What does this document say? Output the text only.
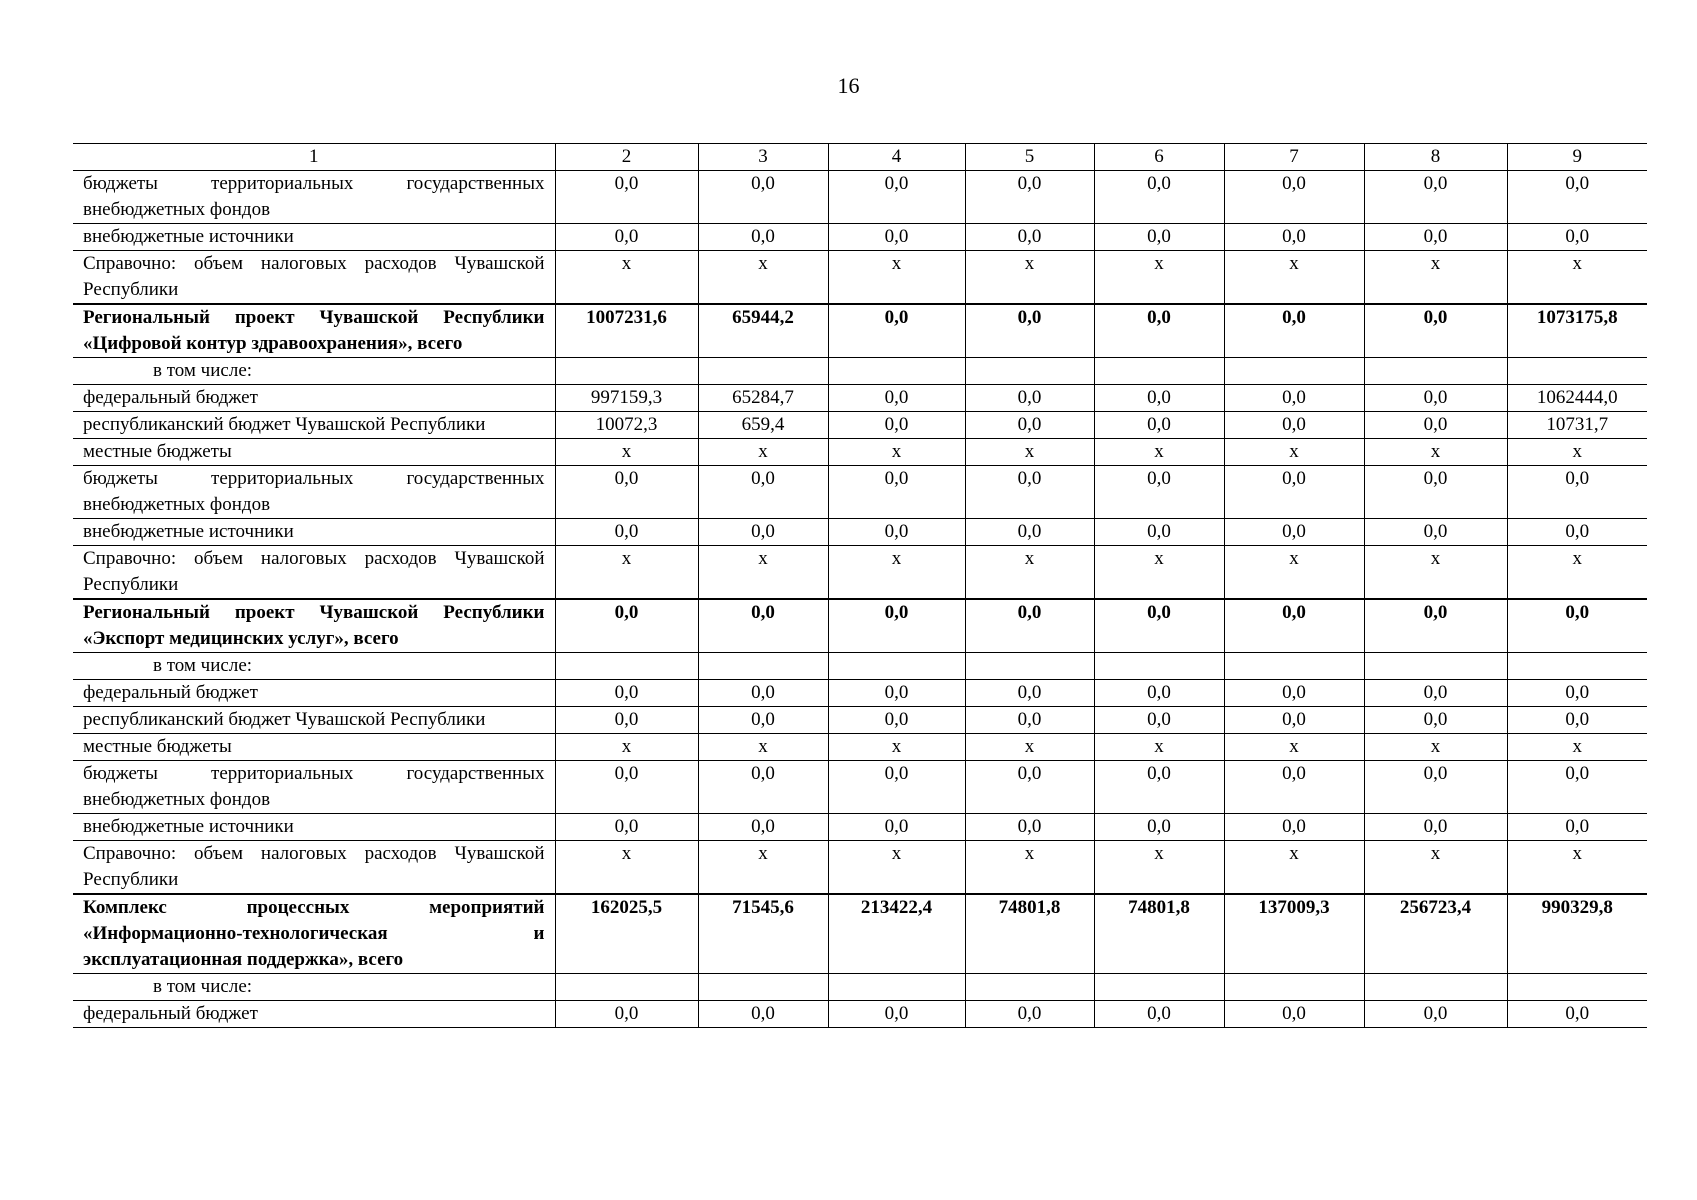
16
1	2	3	4	5	6	7	8	9
бюджеты территориальных государственных внебюджетных фондов	0,0	0,0	0,0	0,0	0,0	0,0	0,0	0,0
внебюджетные источники	0,0	0,0	0,0	0,0	0,0	0,0	0,0	0,0
Справочно: объем налоговых расходов Чувашской Республики	x	x	x	x	x	x	x	x
Региональный проект Чувашской Республики «Цифровой контур здравоохранения», всего	1007231,6	65944,2	0,0	0,0	0,0	0,0	0,0	1073175,8
в том числе:								
федеральный бюджет	997159,3	65284,7	0,0	0,0	0,0	0,0	0,0	1062444,0
республиканский бюджет Чувашской Республики	10072,3	659,4	0,0	0,0	0,0	0,0	0,0	10731,7
местные бюджеты	x	x	x	x	x	x	x	x
бюджеты территориальных государственных внебюджетных фондов	0,0	0,0	0,0	0,0	0,0	0,0	0,0	0,0
внебюджетные источники	0,0	0,0	0,0	0,0	0,0	0,0	0,0	0,0
Справочно: объем налоговых расходов Чувашской Республики	x	x	x	x	x	x	x	x
Региональный проект Чувашской Республики «Экспорт медицинских услуг», всего	0,0	0,0	0,0	0,0	0,0	0,0	0,0	0,0
в том числе:								
федеральный бюджет	0,0	0,0	0,0	0,0	0,0	0,0	0,0	0,0
республиканский бюджет Чувашской Республики	0,0	0,0	0,0	0,0	0,0	0,0	0,0	0,0
местные бюджеты	x	x	x	x	x	x	x	x
бюджеты территориальных государственных внебюджетных фондов	0,0	0,0	0,0	0,0	0,0	0,0	0,0	0,0
внебюджетные источники	0,0	0,0	0,0	0,0	0,0	0,0	0,0	0,0
Справочно: объем налоговых расходов Чувашской Республики	x	x	x	x	x	x	x	x
Комплекс процессных мероприятий «Информационно-технологическая и эксплуатационная поддержка», всего	162025,5	71545,6	213422,4	74801,8	74801,8	137009,3	256723,4	990329,8
в том числе:								
федеральный бюджет	0,0	0,0	0,0	0,0	0,0	0,0	0,0	0,0
